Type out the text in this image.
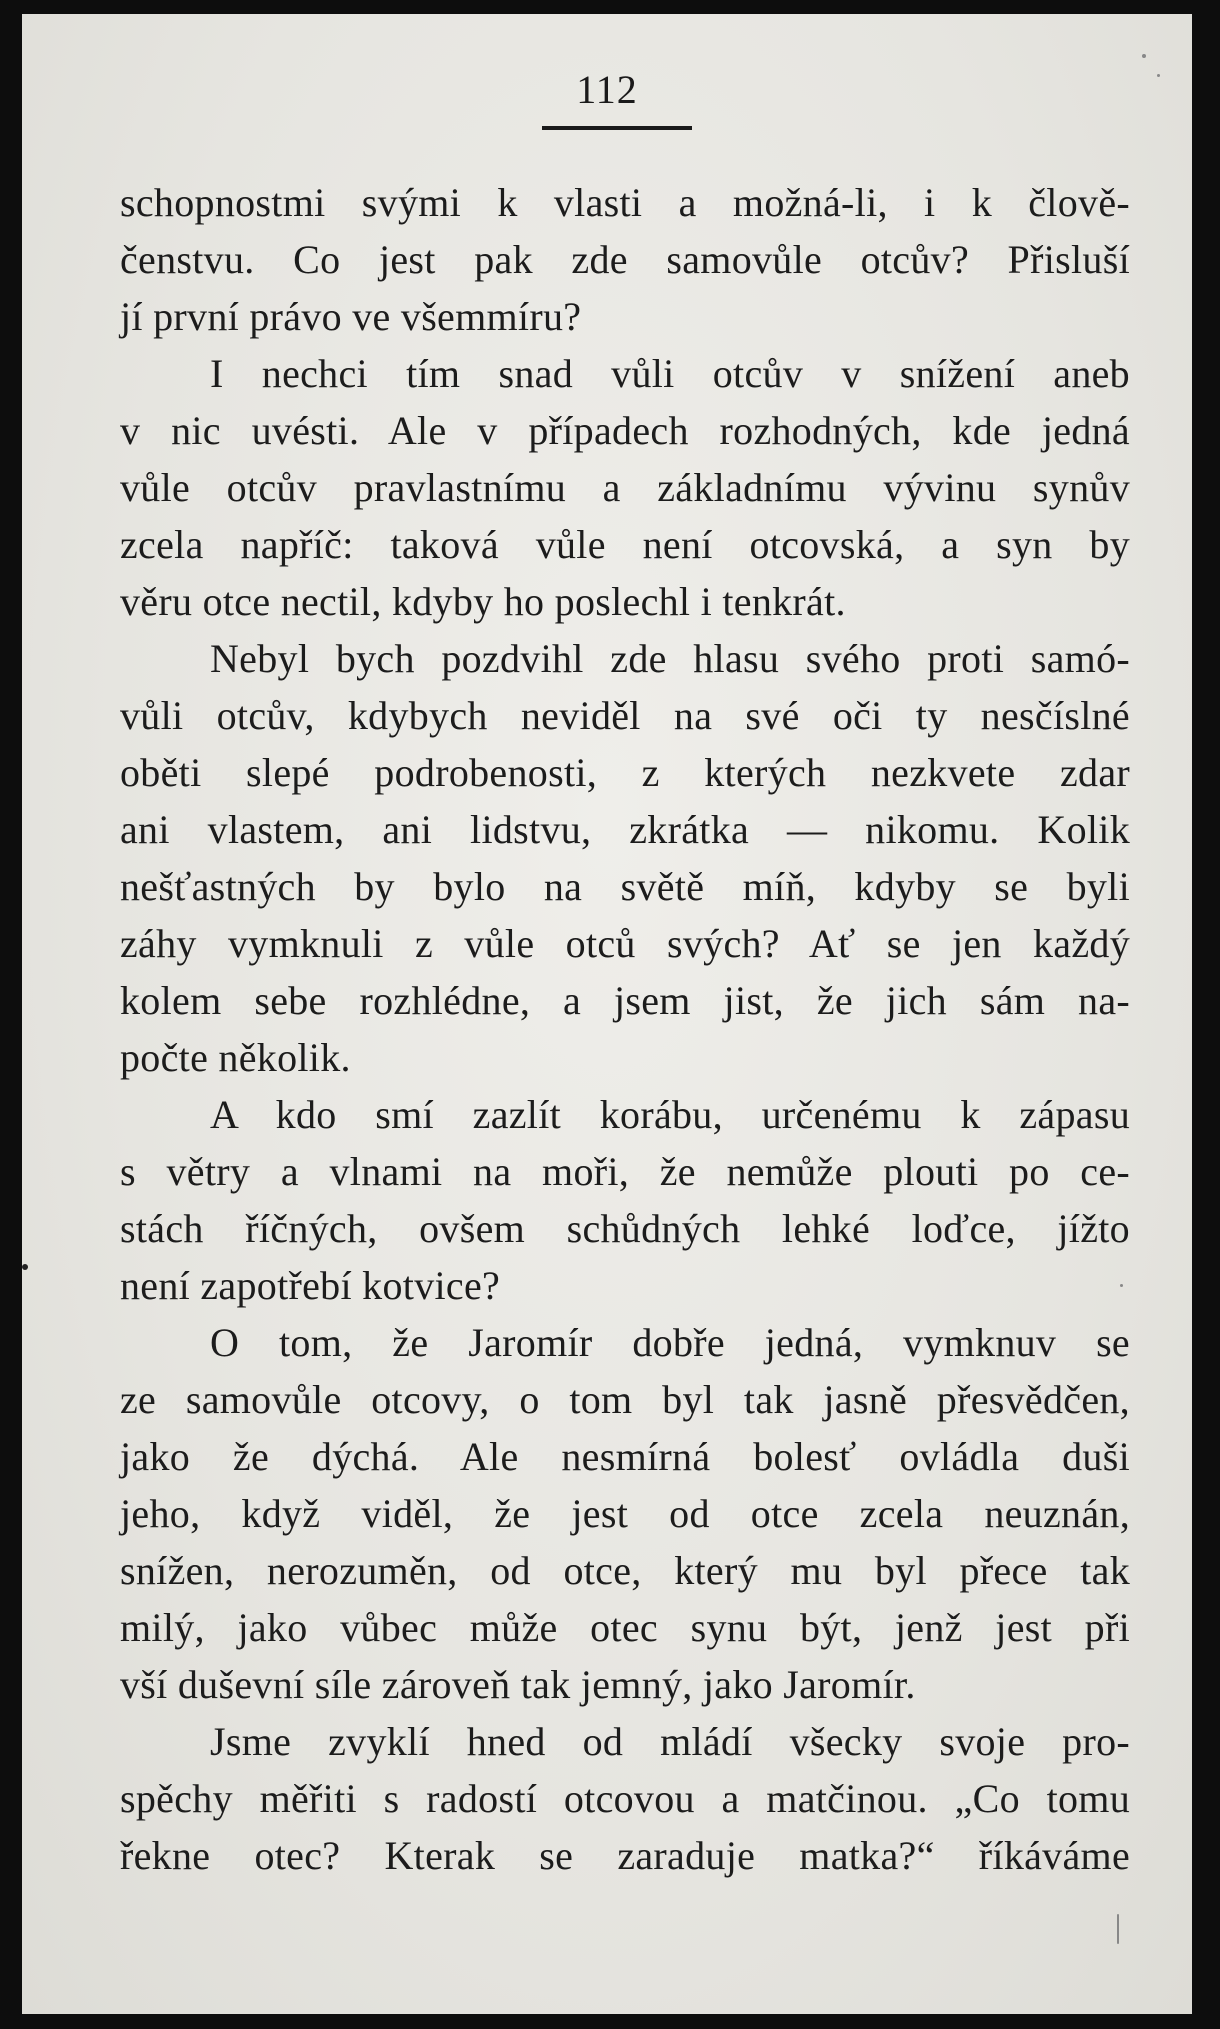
112
schopnostmi svými k vlasti a možná-li, i k člově-
čenstvu. Co jest pak zde samovůle otcův? Přisluší
jí první právo ve všemmíru?
I nechci tím snad vůli otcův v snížení aneb
v nic uvésti. Ale v případech rozhodných, kde jedná
vůle otcův pravlastnímu a základnímu vývinu synův
zcela napříč: taková vůle není otcovská, a syn by
věru otce nectil, kdyby ho poslechl i tenkrát.
Nebyl bych pozdvihl zde hlasu svého proti samó-
vůli otcův, kdybych neviděl na své oči ty nesčíslné
oběti slepé podrobenosti, z kterých nezkvete zdar
ani vlastem, ani lidstvu, zkrátka — nikomu. Kolik
nešťastných by bylo na světě míň, kdyby se byli
záhy vymknuli z vůle otců svých? Ať se jen každý
kolem sebe rozhlédne, a jsem jist, že jich sám na-
počte několik.
A kdo smí zazlít korábu, určenému k zápasu
s větry a vlnami na moři, že nemůže plouti po ce-
stách říčných, ovšem schůdných lehké loďce, jížto
není zapotřebí kotvice?
O tom, že Jaromír dobře jedná, vymknuv se
ze samovůle otcovy, o tom byl tak jasně přesvědčen,
jako že dýchá. Ale nesmírná bolesť ovládla duši
jeho, když viděl, že jest od otce zcela neuznán,
snížen, nerozuměn, od otce, který mu byl přece tak
milý, jako vůbec může otec synu být, jenž jest při
vší duševní síle zároveň tak jemný, jako Jaromír.
Jsme zvyklí hned od mládí všecky svoje pro-
spěchy měřiti s radostí otcovou a matčinou. „Co tomu
řekne otec? Kterak se zaraduje matka?“ říkáváme
